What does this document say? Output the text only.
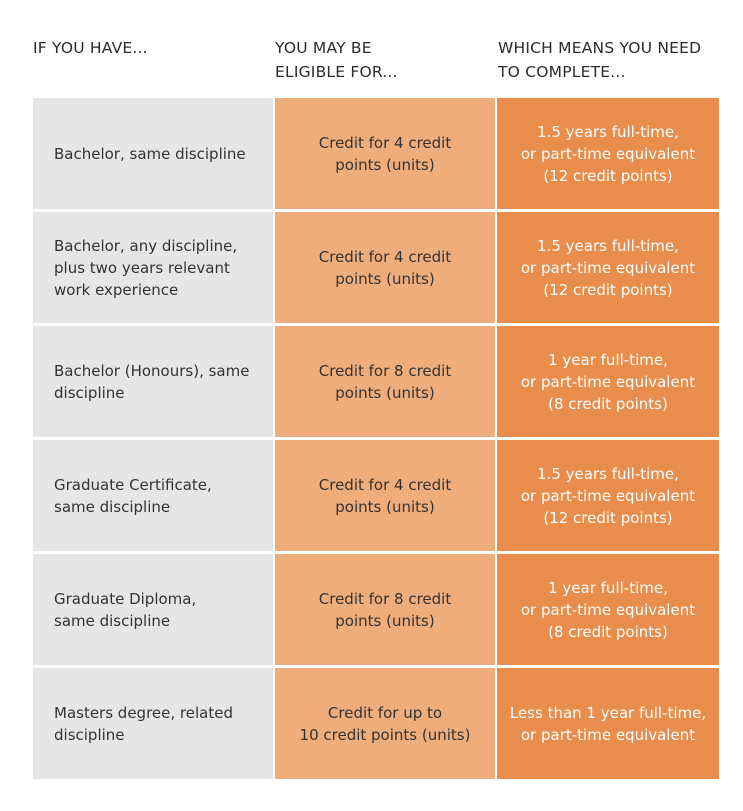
IF YOU HAVE...	YOU MAY BE
ELIGIBLE FOR...
WHICH MEANS YOU NEED
TO COMPLETE...
Bachelor, same discipline
Credit for 4 credit
points (units)
1.5 years full-time,
or part-time equivalent
(12 credit points)
Bachelor, any discipline,
plus two years relevant
work experience
Credit for 4 credit
points (units)
1.5 years full-time,
or part-time equivalent
(12 credit points)
Bachelor (Honours), same
discipline
Credit for 8 credit
points (units)
1 year full-time,
or part-time equivalent
(8 credit points)
Graduate Certificate,
same discipline
Credit for 4 credit
points (units)
1.5 years full-time,
or part-time equivalent
(12 credit points)
Graduate Diploma,
same discipline
Credit for 8 credit
points (units)
1 year full-time,
or part-time equivalent
(8 credit points)
Masters degree, related
discipline
Credit for up to
10 credit points (units)
Less than 1 year full-time,
or part-time equivalent
